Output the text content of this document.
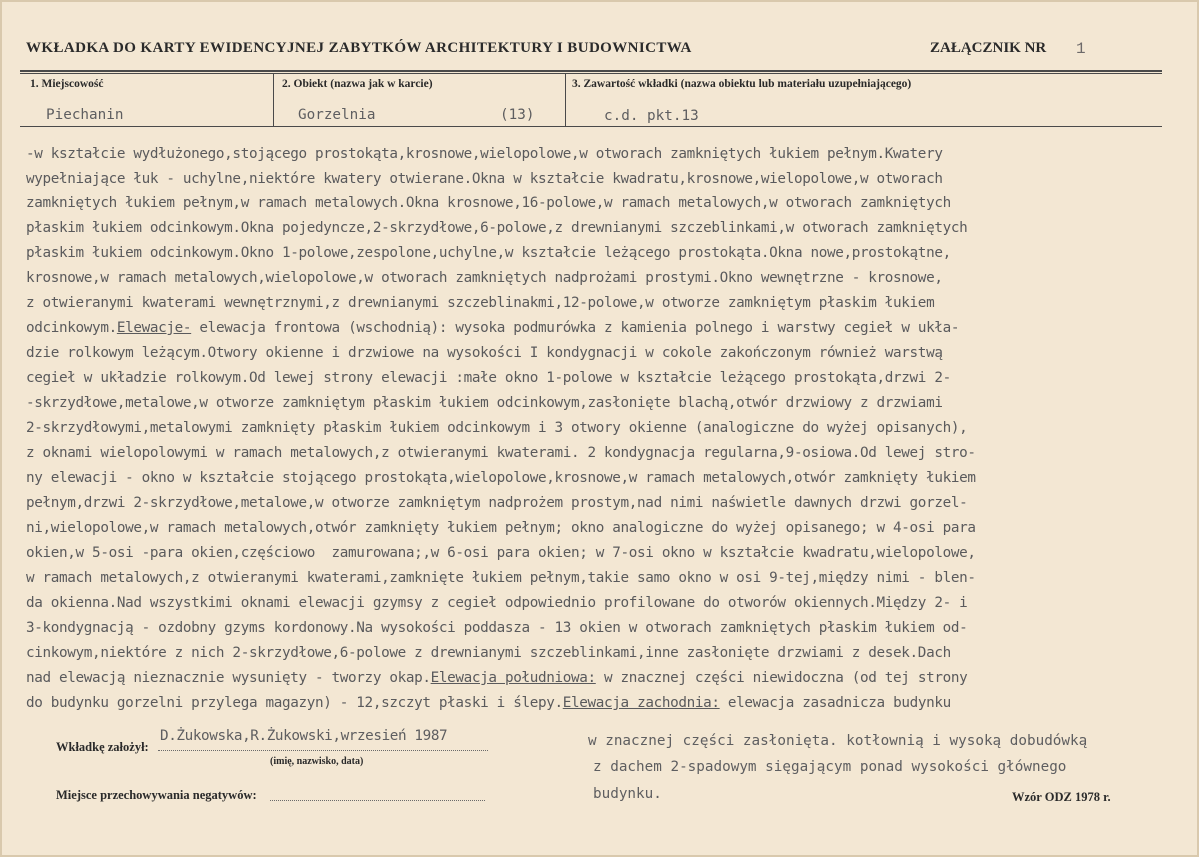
WKŁADKA DO KARTY EWIDENCYJNEJ ZABYTKÓW ARCHITEKTURY I BUDOWNICTWA	ZAŁĄCZNIK NR 1
1. Miejscowość
Piechanin
2. Obiekt (nazwa jak w karcie)
Gorzelnia	(13)
3. Zawartość wkładki (nazwa obiektu lub materiału uzupełniającego)
c.d. pkt.13
-w kształcie wydłużonego,stojącego prostokąta,krosnowe,wielopolowe,w otworach zamkniętych łukiem pełnym.Kwatery
wypełniające łuk - uchylne,niektóre kwatery otwierane.Okna w kształcie kwadratu,krosnowe,wielopolowe,w otworach
zamkniętych łukiem pełnym,w ramach metalowych.Okna krosnowe,16-polowe,w ramach metalowych,w otworach zamkniętych
płaskim łukiem odcinkowym.Okna pojedyncze,2-skrzydłowe,6-polowe,z drewnianymi szczeblinkami,w otworach zamkniętych
płaskim łukiem odcinkowym.Okno 1-polowe,zespolone,uchylne,w kształcie leżącego prostokąta.Okna nowe,prostokątne,
krosnowe,w ramach metalowych,wielopolowe,w otworach zamkniętych nadprożami prostymi.Okno wewnętrzne - krosnowe,
z otwieranymi kwaterami wewnętrznymi,z drewnianymi szczeblinakmi,12-polowe,w otworze zamkniętym płaskim łukiem
odcinkowym.Elewacje- elewacja frontowa (wschodnią): wysoka podmurówka z kamienia polnego i warstwy cegieł w ukła-
dzie rolkowym leżącym.Otwory okienne i drzwiowe na wysokości I kondygnacji w cokole zakończonym również warstwą
cegieł w układzie rolkowym.Od lewej strony elewacji :małe okno 1-polowe w kształcie leżącego prostokąta,drzwi 2-
-skrzydłowe,metalowe,w otworze zamkniętym płaskim łukiem odcinkowym,zasłonięte blachą,otwór drzwiowy z drzwiami
2-skrzydłowymi,metalowymi zamknięty płaskim łukiem odcinkowym i 3 otwory okienne (analogiczne do wyżej opisanych),
z oknami wielopolowymi w ramach metalowych,z otwieranymi kwaterami. 2 kondygnacja regularna,9-osiowa.Od lewej stro-
ny elewacji - okno w kształcie stojącego prostokąta,wielopolowe,krosnowe,w ramach metalowych,otwór zamknięty łukiem
pełnym,drzwi 2-skrzydłowe,metalowe,w otworze zamkniętym nadprożem prostym,nad nimi naświetle dawnych drzwi gorzel-
ni,wielopolowe,w ramach metalowych,otwór zamknięty łukiem pełnym; okno analogiczne do wyżej opisanego; w 4-osi para
okien,w 5-osi -para okien,częściowo  zamurowana;,w 6-osi para okien; w 7-osi okno w kształcie kwadratu,wielopolowe,
w ramach metalowych,z otwieranymi kwaterami,zamknięte łukiem pełnym,takie samo okno w osi 9-tej,między nimi - blen-
da okienna.Nad wszystkimi oknami elewacji gzymsy z cegieł odpowiednio profilowane do otworów okiennych.Między 2- i
3-kondygnacją - ozdobny gzyms kordonowy.Na wysokości poddasza - 13 okien w otworach zamkniętych płaskim łukiem od-
cinkowym,niektóre z nich 2-skrzydłowe,6-polowe z drewnianymi szczeblinkami,inne zasłonięte drzwiami z desek.Dach
nad elewacją nieznacznie wysunięty - tworzy okap.Elewacja południowa: w znacznej części niewidoczna (od tej strony
do budynku gorzelni przylega magazyn) - 12,szczyt płaski i ślepy.Elewacja zachodnia: elewacja zasadnicza budynku
w znacznej części zasłonięta. kotłownią i wysoką dobudówką
z dachem 2-spadowym sięgającym ponad wysokości głównego
budynku.
Wkładkę założył:
D.Żukowska,R.Żukowski,wrzesień 1987
(imię, nazwisko, data)
Miejsce przechowywania negatywów:	Wzór ODZ 1978 r.
